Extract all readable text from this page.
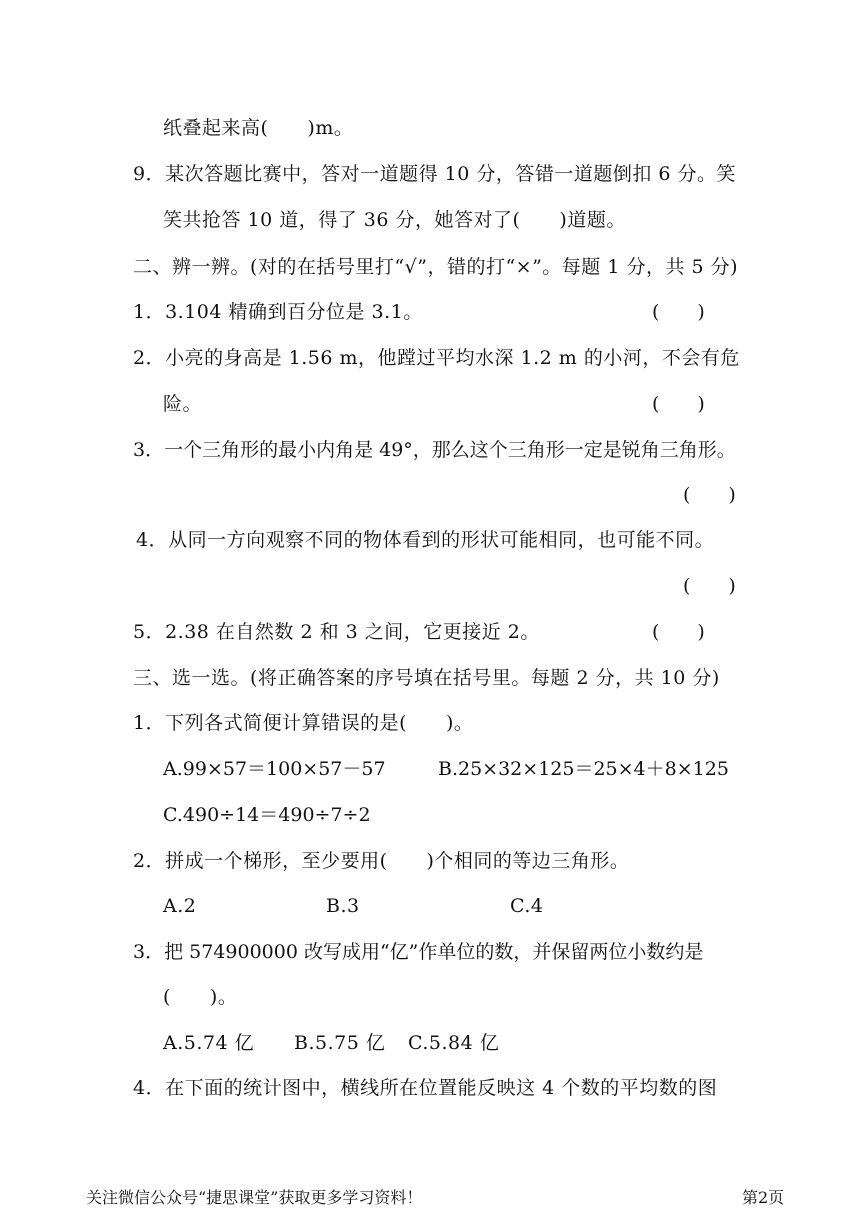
纸叠起来高(　　)m。
9．某次答题比赛中，答对一道题得 10 分，答错一道题倒扣 6 分。笑
笑共抢答 10 道，得了 36 分，她答对了(　　)道题。
二、辨一辨。(对的在括号里打“√”，错的打“×”。每题 1 分，共 5 分)
1．3.104 精确到百分位是 3.1。	(　　)
2．小亮的身高是 1.56 m，他蹚过平均水深 1.2 m 的小河，不会有危
险。	(　　)
3．一个三角形的最小内角是 49°，那么这个三角形一定是锐角三角形。
(　　)
4．从同一方向观察不同的物体看到的形状可能相同，也可能不同。
(　　)
5．2.38 在自然数 2 和 3 之间，它更接近 2。	(　　)
三、选一选。(将正确答案的序号填在括号里。每题 2 分，共 10 分)
1．下列各式简便计算错误的是(　　)。
A.99×57＝100×57－57	B.25×32×125＝25×4＋8×125
C.490÷14＝490÷7÷2
2．拼成一个梯形，至少要用(　　)个相同的等边三角形。
A.2	B.3	C.4
3．把 574900000 改写成用“亿”作单位的数，并保留两位小数约是
(　　)。
A.5.74 亿 B.5.75 亿 C.5.84 亿
4．在下面的统计图中，横线所在位置能反映这 4 个数的平均数的图
关注微信公众号“捷思课堂”获取更多学习资料！	第2页
